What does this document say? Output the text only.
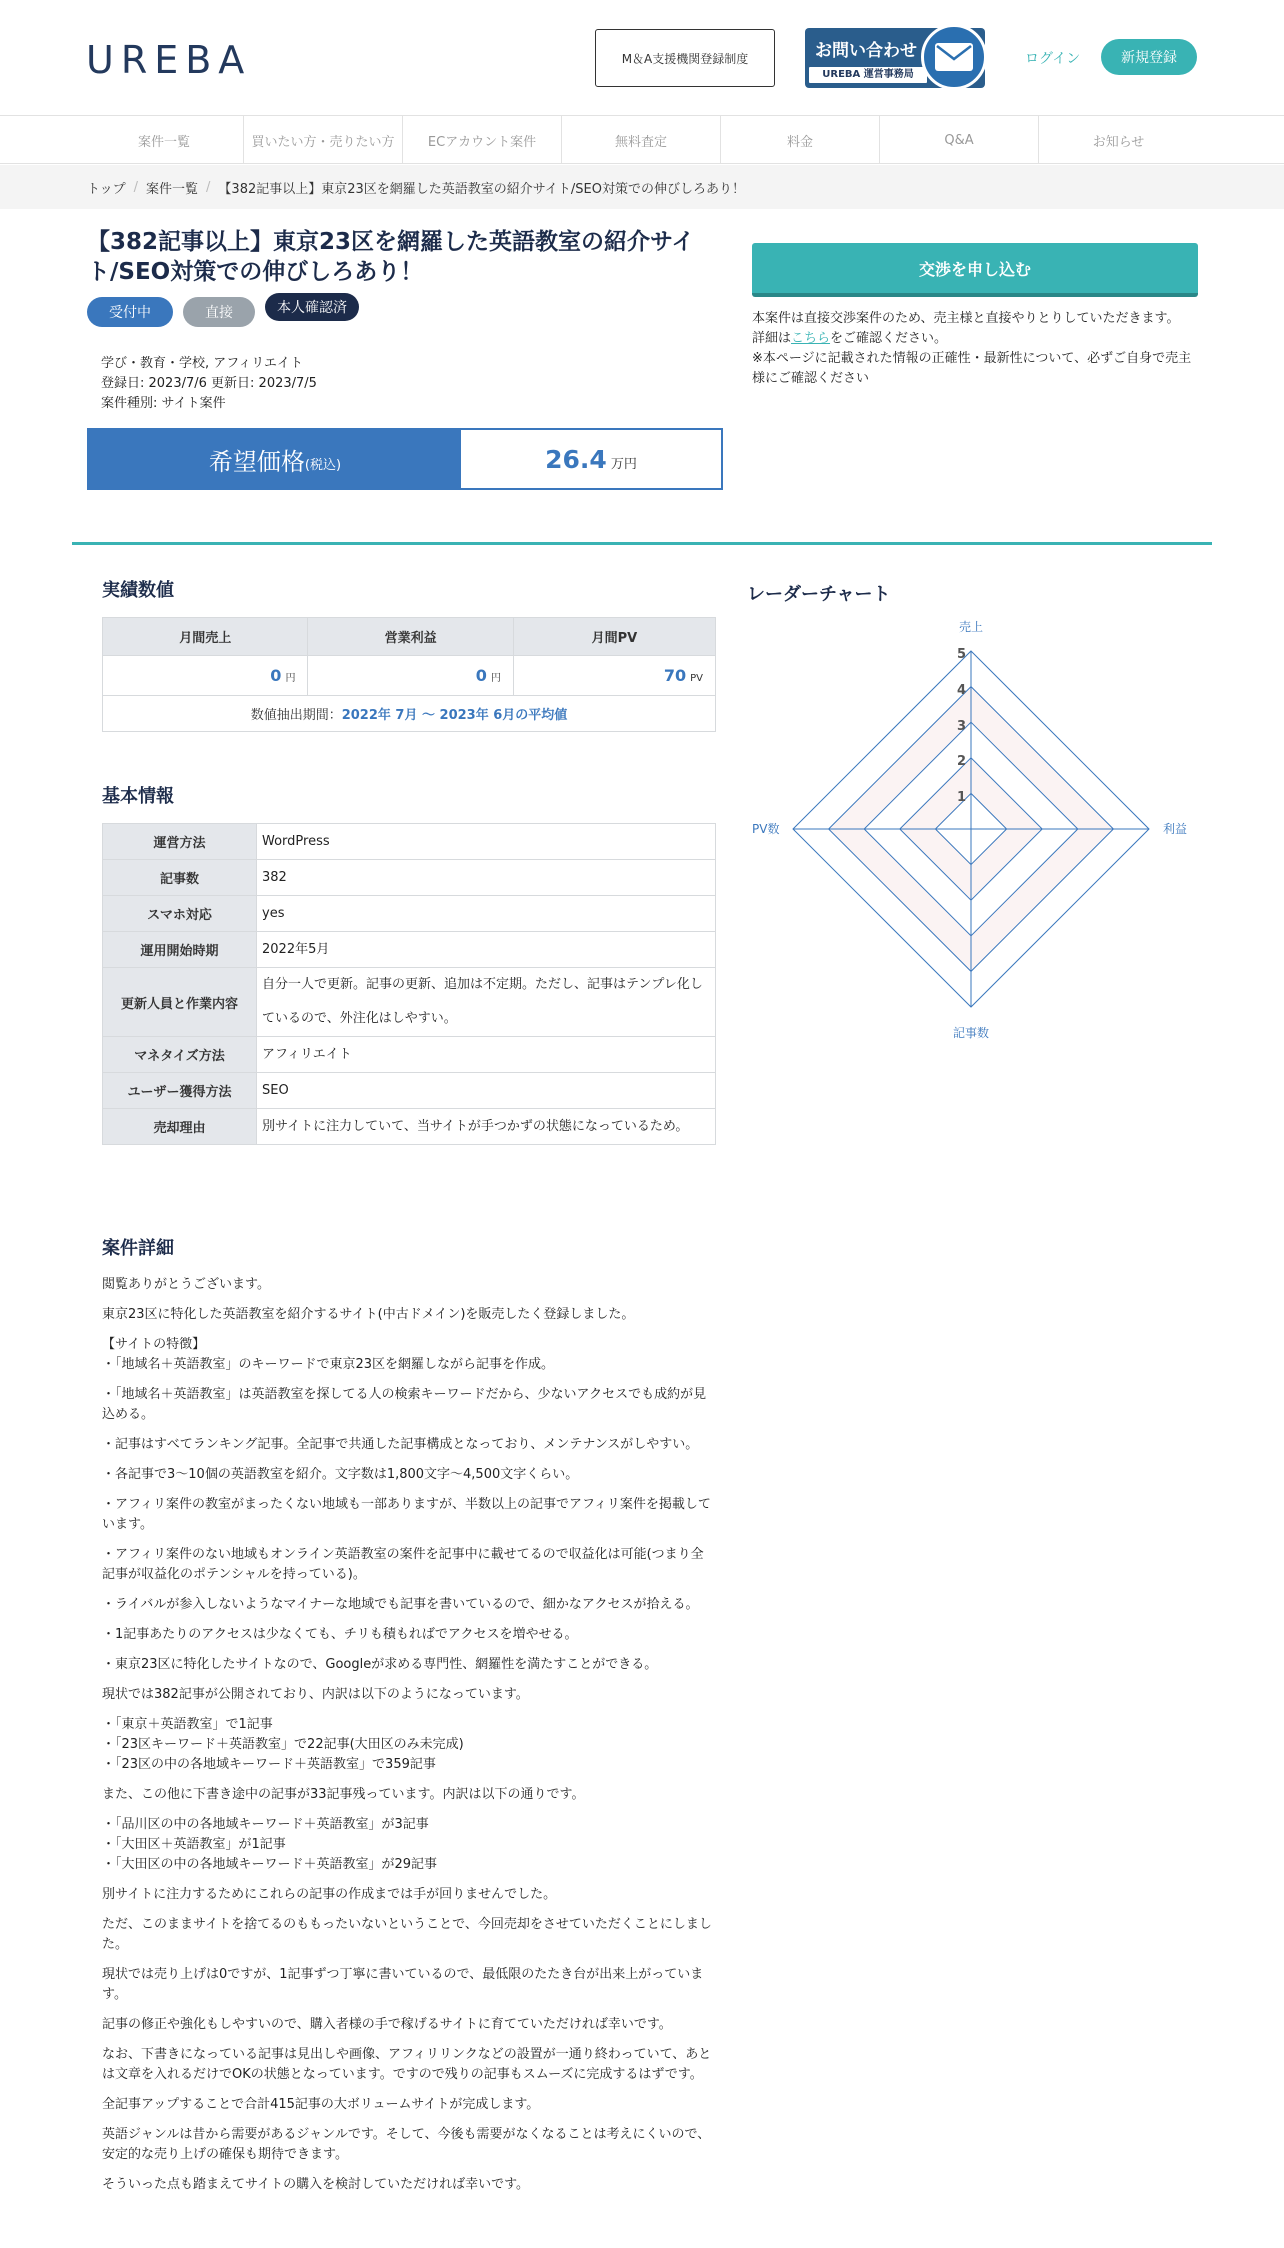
UREBA	M＆A支援機関登録制度	お問い合わせ
UREBA 運営事務局
ログイン	新規登録
案件一覧	買いたい方・売りたい方	ECアカウント案件	無料査定	料金	Q&A	お知らせ
トップ / 案件一覧 / 【382記事以上】東京23区を網羅した英語教室の紹介サイト/SEO対策での伸びしろあり！
【382記事以上】東京23区を網羅した英語教室の紹介サイト/SEO対策での伸びしろあり！
受付中	直接	本人確認済
学び・教育・学校, アフィリエイト
登録日: 2023/7/6 更新日: 2023/7/5
案件種別: サイト案件
希望価格 (税込)	26.4 万円
交渉を申し込む
本案件は直接交渉案件のため、売主様と直接やりとりしていただきます。
詳細はこちらをご確認ください。
※本ページに記載された情報の正確性・最新性について、必ずご自身で売主様にご確認ください
実績数値
月間売上	営業利益	月間PV
0 円	0 円	70 PV
数値抽出期間：2022年 7月 〜 2023年 6月の平均値		
基本情報
運営方法	WordPress
記事数	382
スマホ対応	yes
運用開始時期	2022年5月
更新人員と作業内容	自分一人で更新。記事の更新、追加は不定期。ただし、記事はテンプレ化しているので、外注化はしやすい。
マネタイズ方法	アフィリエイト
ユーザー獲得方法	SEO
売却理由	別サイトに注力していて、当サイトが手つかずの状態になっているため。
レーダーチャート
売上
利益
記事数
PV数
1
2
3
4
5
案件詳細

閲覧ありがとうございます。

東京23区に特化した英語教室を紹介するサイト(中古ドメイン)を販売したく登録しました。

【サイトの特徴】
・「地域名＋英語教室」のキーワードで東京23区を網羅しながら記事を作成。

・「地域名＋英語教室」は英語教室を探してる人の検索キーワードだから、少ないアクセスでも成約が見込める。

・記事はすべてランキング記事。全記事で共通した記事構成となっており、メンテナンスがしやすい。

・各記事で3〜10個の英語教室を紹介。文字数は1,800文字〜4,500文字くらい。

・アフィリ案件の教室がまったくない地域も一部ありますが、半数以上の記事でアフィリ案件を掲載しています。

・アフィリ案件のない地域もオンライン英語教室の案件を記事中に載せてるので収益化は可能(つまり全記事が収益化のポテンシャルを持っている)。

・ライバルが参入しないようなマイナーな地域でも記事を書いているので、細かなアクセスが拾える。

・1記事あたりのアクセスは少なくても、チリも積もればでアクセスを増やせる。

・東京23区に特化したサイトなので、Googleが求める専門性、網羅性を満たすことができる。

現状では382記事が公開されており、内訳は以下のようになっています。

・「東京＋英語教室」で1記事
・「23区キーワード＋英語教室」で22記事(大田区のみ未完成)
・「23区の中の各地域キーワード＋英語教室」で359記事

また、この他に下書き途中の記事が33記事残っています。内訳は以下の通りです。

・「品川区の中の各地域キーワード＋英語教室」が3記事
・「大田区＋英語教室」が1記事
・「大田区の中の各地域キーワード＋英語教室」が29記事

別サイトに注力するためにこれらの記事の作成までは手が回りませんでした。

ただ、このままサイトを捨てるのももったいないということで、今回売却をさせていただくことにしました。

現状では売り上げは0ですが、1記事ずつ丁寧に書いているので、最低限のたたき台が出来上がっています。

記事の修正や強化もしやすいので、購入者様の手で稼げるサイトに育てていただければ幸いです。

なお、下書きになっている記事は見出しや画像、アフィリリンクなどの設置が一通り終わっていて、あとは文章を入れるだけでOKの状態となっています。ですので残りの記事もスムーズに完成するはずです。

全記事アップすることで合計415記事の大ボリュームサイトが完成します。

英語ジャンルは昔から需要があるジャンルです。そして、今後も需要がなくなることは考えにくいので、安定的な売り上げの確保も期待できます。

そういった点も踏まえてサイトの購入を検討していただければ幸いです。
